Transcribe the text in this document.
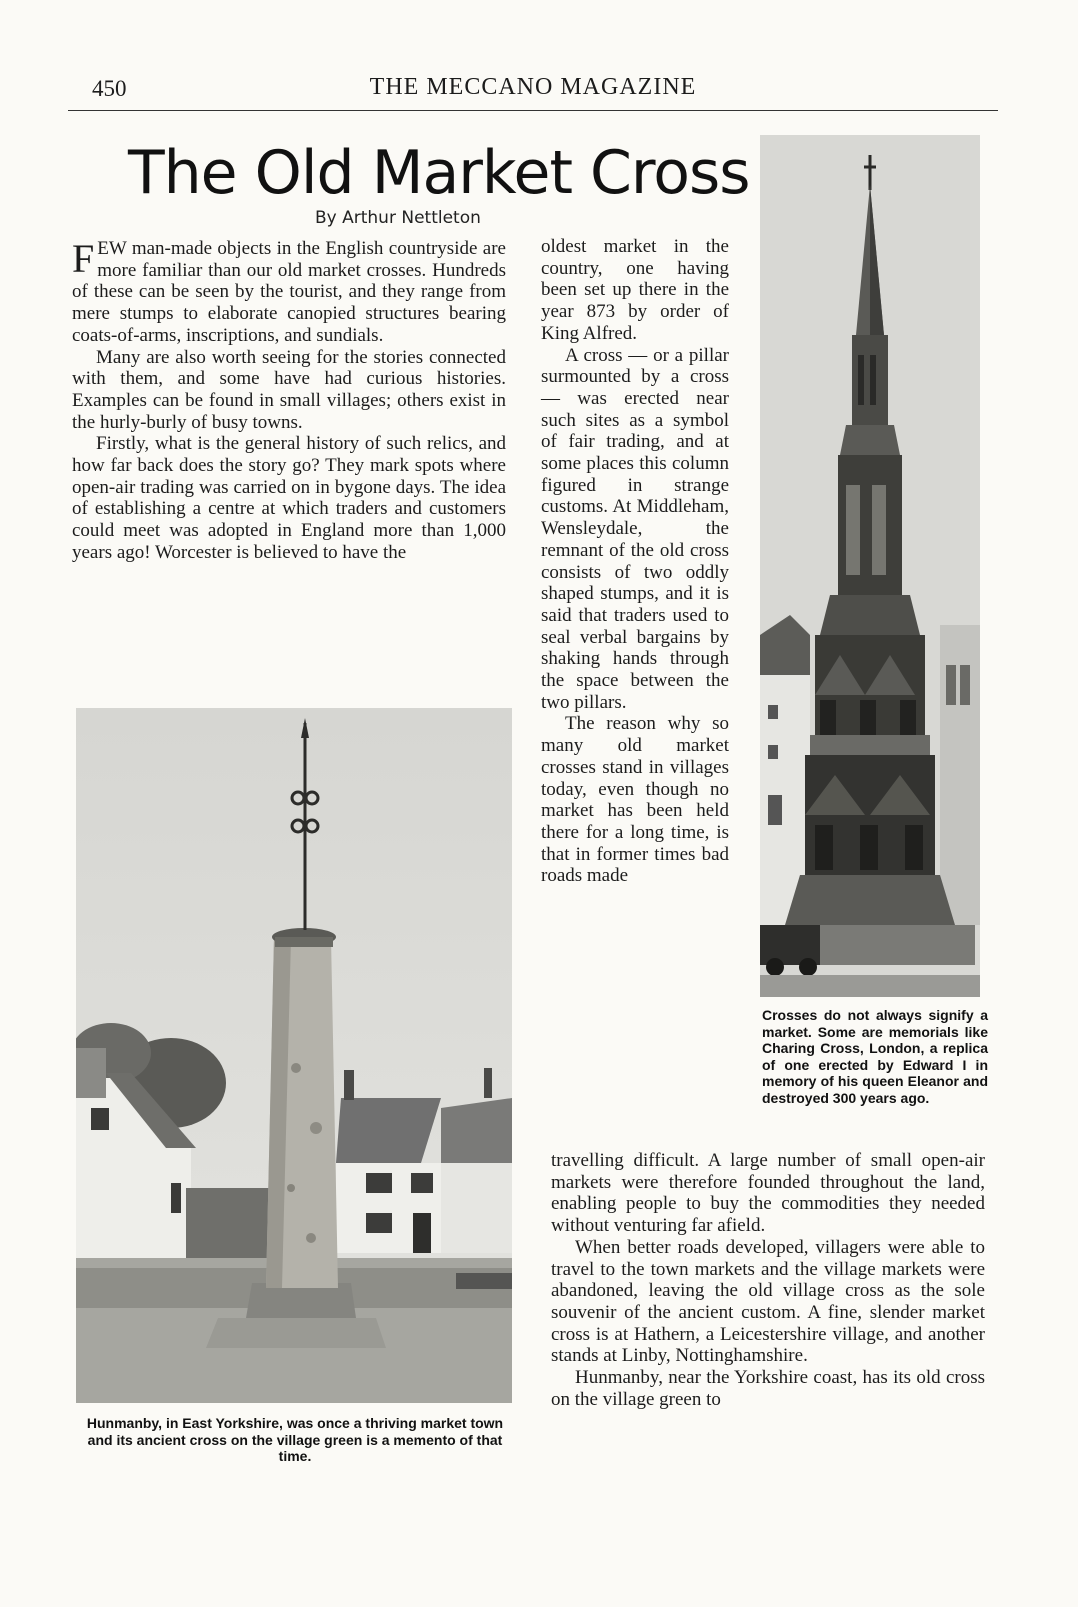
450	THE MECCANO MAGAZINE
The Old Market Cross
By Arthur Nettleton

FEW man-made objects in the English countryside are more familiar than our old market crosses. Hundreds of these can be seen by the tourist, and they range from mere stumps to elaborate canopied structures bearing coats-of-arms, inscriptions, and sundials.

Many are also worth seeing for the stories connected with them, and some have had curious histories. Examples can be found in small villages; others exist in the hurly-burly of busy towns.

Firstly, what is the general history of such relics, and how far back does the story go? They mark spots where open-air trading was carried on in bygone days. The idea of establishing a centre at which traders and customers could meet was adopted in England more than 1,000 years ago! Worcester is believed to have the

oldest market in the country, one having been set up there in the year 873 by order of King Alfred.

A cross — or a pillar surmounted by a cross — was erected near such sites as a symbol of fair trading, and at some places this column figured in strange customs. At Middleham, Wensleydale, the remnant of the old cross consists of two oddly shaped stumps, and it is said that traders used to seal verbal bargains by shaking hands through the space between the two pillars.

The reason why so many old market crosses stand in villages today, even though no market has been held there for a long time, is that in former times bad roads made

travelling difficult. A large number of small open-air markets were therefore founded throughout the land, enabling people to buy the commodities they needed without venturing far afield.

When better roads developed, villagers were able to travel to the town markets and the village markets were abandoned, leaving the old village cross as the sole souvenir of the ancient custom. A fine, slender market cross is at Hathern, a Leicestershire village, and another stands at Linby, Nottinghamshire.

Hunmanby, near the Yorkshire coast, has its old cross on the village green to

Hunmanby, in East Yorkshire, was once a thriving market town and its ancient cross on the village green is a memento of that time.
Crosses do not always signify a market. Some are memorials like Charing Cross, London, a replica of one erected by Edward I in memory of his queen Eleanor and destroyed 300 years ago.
